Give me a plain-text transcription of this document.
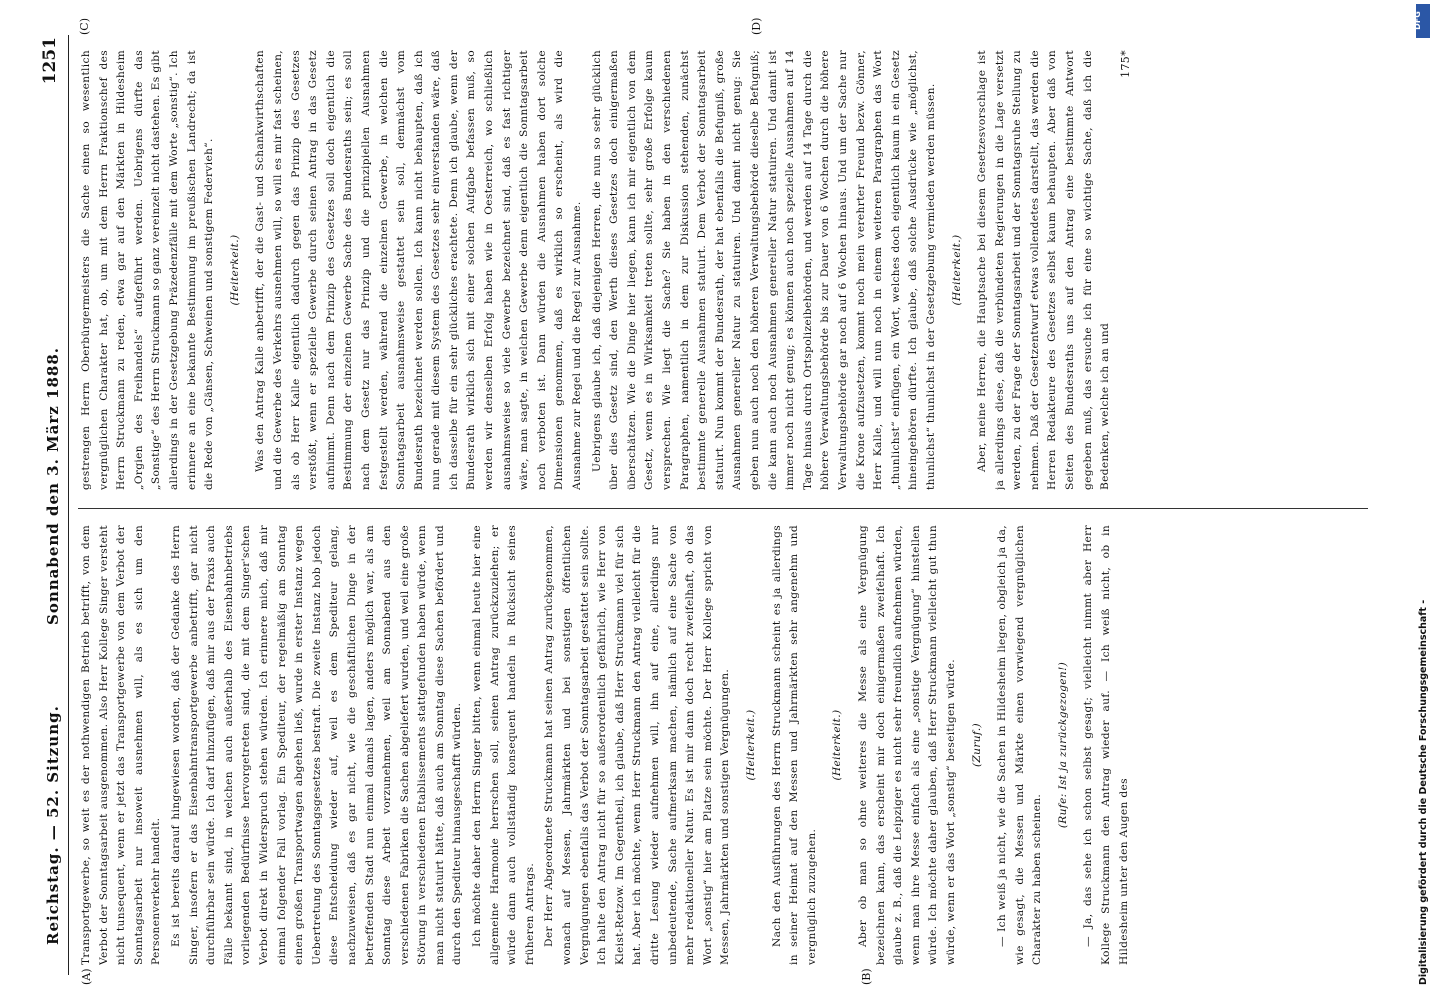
Reichstag. — 52. Sitzung.
Sonnabend den 3. März 1888.
1251
(A)	(B)
(C)	(D)

Transportgewerbe, so weit es der nothwendigen Betrieb betrifft, von dem Verbot der Sonntagsarbeit ausgenommen. Also Herr Kollege Singer versteht nicht tunsequent, wenn er jetzt das Transportgewerbe von dem Verbot der Sonntagsarbeit nur insoweit ausnehmen will, als es sich um den Personenverkehr handelt. Es ist bereits darauf hingewiesen worden, daß der Gedanke des Herrn Singer, insofern er das Eisenbahntransportgewerbe anbetrifft, gar nicht durchführbar sein würde. Ich darf hinzufügen, daß mir aus der Praxis auch Fälle bekannt sind, in welchen auch außerhalb des Eisenbahnbetriebs vorliegenden Bedürfnisse hervorgetreten sind, die mit dem Singer'schen Verbot direkt in Widerspruch stehen würden. Ich erinnere mich, daß mir einmal folgender Fall vorlag. Ein Spediteur, der regelmäßig am Sonntag einen großen Transportwagen abgehen ließ, wurde in erster Instanz wegen Uebertretung des Sonntagsgesetzes bestraft. Die zweite Instanz hob jedoch diese Entscheidung wieder auf, weil es dem Spediteur gelang, nachzuweisen, daß es gar nicht, wie die geschäftlichen Dinge in der betreffenden Stadt nun einmal damals lagen, anders möglich war, als am Sonntag diese Arbeit vorzunehmen, weil am Sonnabend aus den verschiedenen Fabriken die Sachen abgeliefert wurden, und weil eine große Störung in verschiedenen Etablissements stattgefunden haben würde, wenn man nicht statuirt hätte, daß auch am Sonntag diese Sachen befördert und durch den Spediteur hinausgeschafft würden. Ich möchte daher den Herrn Singer bitten, wenn einmal heute hier eine allgemeine Harmonie herrschen soll, seinen Antrag zurückzuziehen; er würde dann auch vollständig konsequent handeln in Rücksicht seines früheren Antrags. Der Herr Abgeordnete Struckmann hat seinen Antrag zurückgenommen, wonach auf Messen, Jahrmärkten und bei sonstigen öffentlichen Vergnügungen ebenfalls das Verbot der Sonntagsarbeit gestattet sein sollte. Ich halte den Antrag nicht für so außerordentlich gefährlich, wie Herr von Kleist-Retzow. Im Gegentheil, ich glaube, daß Herr Struckmann viel für sich hat. Aber ich möchte, wenn Herr Struckmann den Antrag vielleicht für die dritte Lesung wieder aufnehmen will, ihn auf eine, allerdings nur unbedeutende, Sache aufmerksam machen, nämlich auf eine Sache von mehr redaktioneller Natur. Es ist mir dann doch recht zweifelhaft, ob das Wort „sonstig“ hier am Platze sein möchte. Der Herr Kollege spricht von Messen, Jahrmärkten und sonstigen Vergnügungen.	(Heiterkeit.)	Nach den Ausführungen des Herrn Struckmann scheint es ja allerdings in seiner Heimat auf den Messen und Jahrmärkten sehr angenehm und vergnüglich zuzugehen.

(Heiterkeit.)	Aber ob man so ohne weiteres die Messe als eine Vergnügung bezeichnen kann, das erscheint mir doch einigermaßen zweifelhaft. Ich glaube z. B., daß die Leipziger es nicht sehr freundlich aufnehmen würden, wenn man ihre Messe einfach als eine „sonstige Vergnügung“ hinstellen würde. Ich möchte daher glauben, daß Herr Struckmann vielleicht gut thun würde, wenn er das Wort „sonstig“ beseitigen würde.	(Zuruf.)	— Ich weiß ja nicht, wie die Sachen in Hildesheim liegen, obgleich ja da, wie gesagt, die Messen und Märkte einen vorwiegend vergnüglichen Charakter zu haben scheinen.

(Rufe: Ist ja zurückgezogen!)	— Ja, das sehe ich schon selbst gesagt; vielleicht nimmt aber Herr Kollege Struckmann den Antrag wieder auf. — Ich weiß nicht, ob in Hildesheim unter den Augen des

gestrengen Herrn Oberbürgermeisters die Sache einen so wesentlich vergnüglichen Charakter hat, ob, um mit dem Herrn Fraktionschef des Herrn Struckmann zu reden, etwa gar auf den Märkten in Hildesheim „Orgien des Freihandels“ aufgeführt werden. Uebrigens dürfte das „Sonstige“ des Herrn Struckmann so ganz vereinzelt nicht dastehen. Es gibt allerdings in der Gesetzgebung Präzedenzfälle mit dem Worte „sonstig“. Ich erinnere an eine bekannte Bestimmung im preußischen Landrecht; da ist die Rede von „Gänsen, Schweinen und sonstigem Federvieh“.	(Heiterkeit.)	Was den Antrag Kalle anbetrifft, der die Gast- und Schankwirthschaften und die Gewerbe des Verkehrs ausnehmen will, so will es mir fast scheinen, als ob Herr Kalle eigentlich dadurch gegen das Prinzip des Gesetzes verstößt, wenn er spezielle Gewerbe durch seinen Antrag in das Gesetz aufnimmt. Denn nach dem Prinzip des Gesetzes soll doch eigentlich die Bestimmung der einzelnen Gewerbe Sache des Bundesraths sein; es soll nach dem Gesetz nur das Prinzip und die prinzipiellen Ausnahmen festgestellt werden, während die einzelnen Gewerbe, in welchen die Sonntagsarbeit ausnahmsweise gestattet sein soll, demnächst vom Bundesrath bezeichnet werden sollen. Ich kann nicht behaupten, daß ich nun gerade mit diesem System des Gesetzes sehr einverstanden wäre, daß ich dasselbe für ein sehr glückliches erachtete. Denn ich glaube, wenn der Bundesrath wirklich sich mit einer solchen Aufgabe befassen muß, so werden wir denselben Erfolg haben wie in Oesterreich, wo schließlich ausnahmsweise so viele Gewerbe bezeichnet sind, daß es fast richtiger wäre, man sagte, in welchen Gewerbe denn eigentlich die Sonntagsarbeit noch verboten ist. Dann würden die Ausnahmen haben dort solche Dimensionen genommen, daß es wirklich so erscheint, als wird die Ausnahme zur Regel und die Regel zur Ausnahme. Uebrigens glaube ich, daß diejenigen Herren, die nun so sehr glücklich über dies Gesetz sind, den Werth dieses Gesetzes doch einigermaßen überschätzen. Wie die Dinge hier liegen, kann ich mir eigentlich von dem Gesetz, wenn es in Wirksamkeit treten sollte, sehr große Erfolge kaum versprechen. Wie liegt die Sache? Sie haben in den verschiedenen Paragraphen, namentlich in dem zur Diskussion stehenden, zunächst bestimmte generelle Ausnahmen statuirt. Dem Verbot der Sonntagsarbeit statuirt. Nun kommt der Bundesrath, der hat ebenfalls die Befugniß, große Ausnahmen genereller Natur zu statuiren. Und damit nicht genug: Sie geben nun auch noch den höheren Verwaltungsbehörde dieselbe Befugniß; die kann auch noch Ausnahmen genereller Natur statuiren. Und damit ist immer noch nicht genug; es können auch noch spezielle Ausnahmen auf 14 Tage hinaus durch Ortspolizeibehörden, und werden auf 14 Tage durch die höhere Verwaltungsbehörde bis zur Dauer von 6 Wochen durch die höhere Verwaltungsbehörde gar noch auf 6 Wochen hinaus. Und um der Sache nur die Krone aufzusetzen, kommt noch mein verehrter Freund bezw. Gönner, Herr Kalle, und will nun noch in einem weiteren Paragraphen das Wort „thunlichst“ einfügen, ein Wort, welches doch eigentlich kaum in ein Gesetz hineingehören dürfte. Ich glaube, daß solche Ausdrücke wie „möglichst, thunlichst“ thunlichst in der Gesetzgebung vermieden werden müssen.	(Heiterkeit.)	Aber, meine Herren, die Hauptsache bei diesem Gesetzesvorschlage ist ja allerdings diese, daß die verbündeten Regierungen in die Lage versetzt werden, zu der Frage der Sonntagsarbeit und der Sonntagsruhe Stellung zu nehmen. Daß der Gesetzentwurf etwas vollendetes darstellt, das werden die Herren Redakteure des Gesetzes selbst kaum behaupten. Aber daß von Seiten des Bundesraths uns auf den Antrag eine bestimmte Antwort gegeben muß, das ersuche ich für eine so wichtige Sache, daß ich die Bedenken, welche ich an und

175*

Digitalisierung gefördert durch die Deutsche Forschungsgemeinschaft -
DFG
